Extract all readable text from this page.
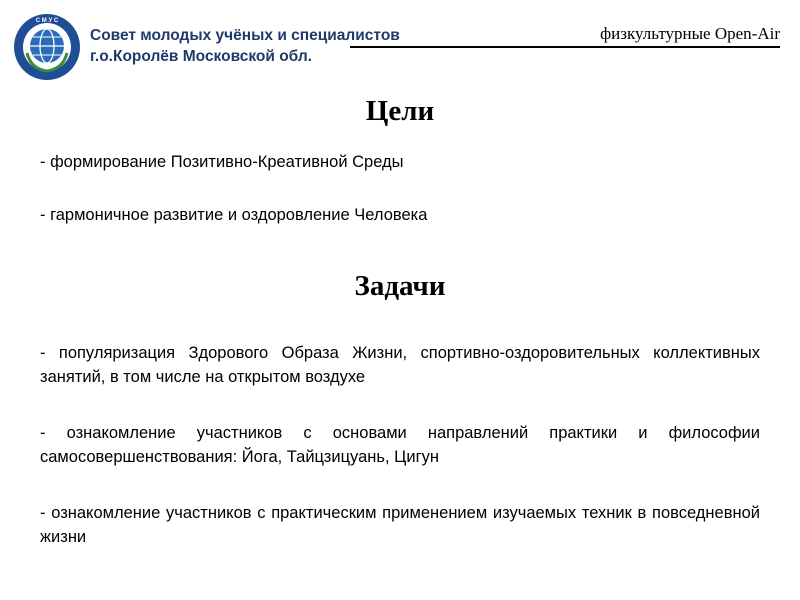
С М У С
Совет молодых учёных и специалистов
г.о.Королёв Московской обл.
физкультурные Open-Air
Цели
- формирование Позитивно-Креативной Среды
- гармоничное развитие и оздоровление Человека
Задачи
- популяризация Здорового Образа Жизни, спортивно-оздоровительных коллективных занятий, в том числе на открытом воздухе
- ознакомление участников с основами направлений практики и философии самосовершенствования: Йога, Тайцзицуань, Цигун
- ознакомление участников с практическим применением изучаемых техник в повседневной жизни
